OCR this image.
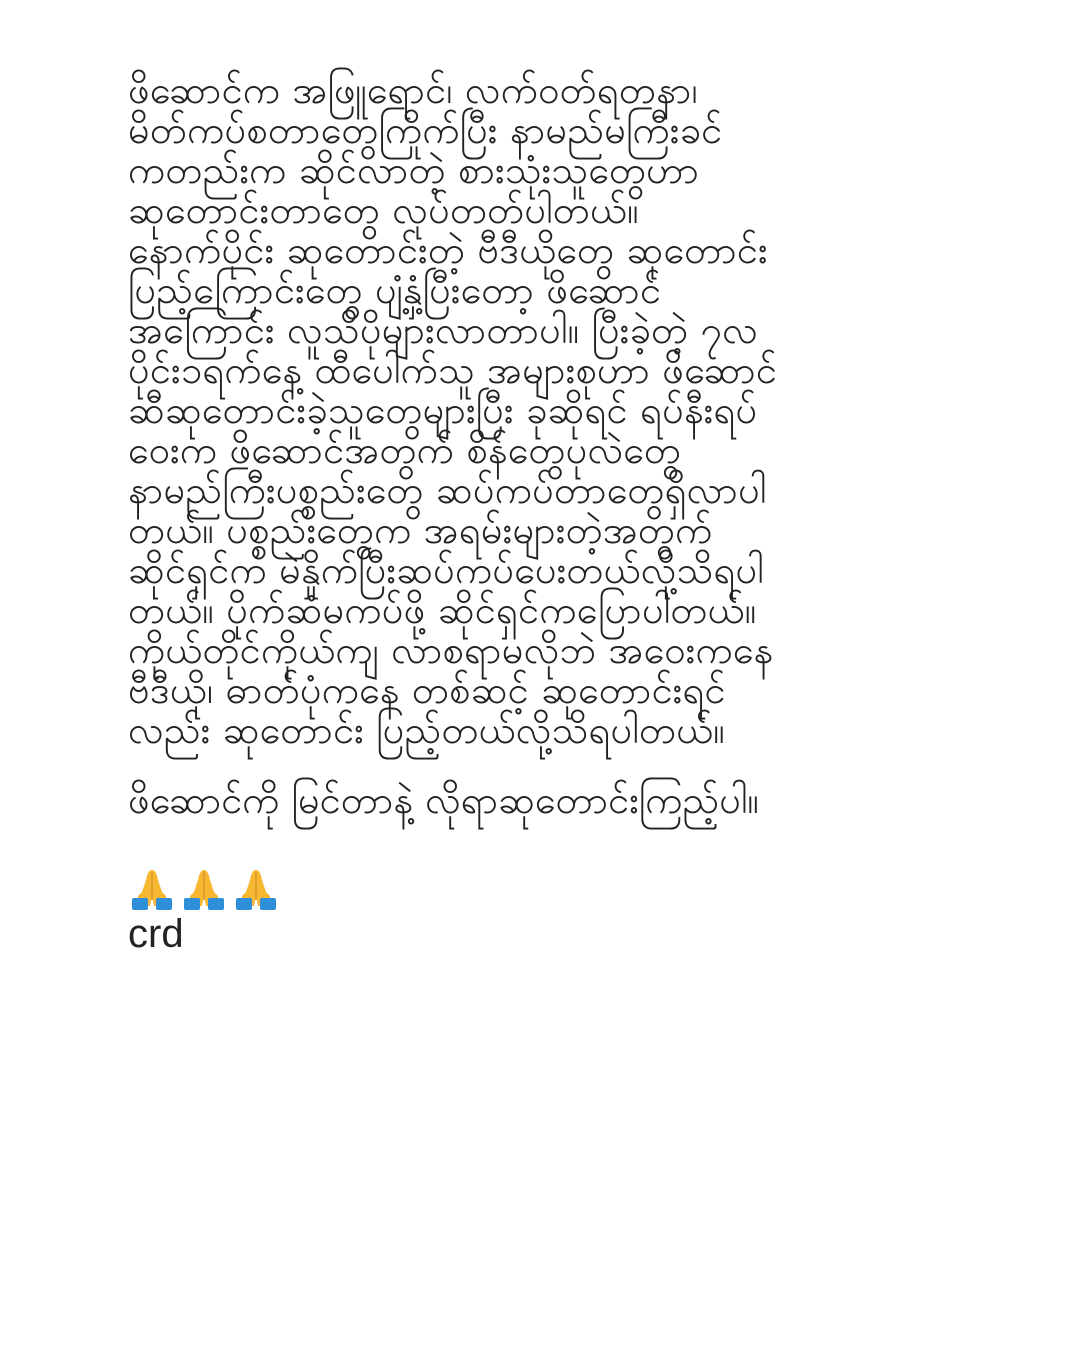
ဖိဆောင်က အဖြူရောင်၊ လက်ဝတ်ရတနာ၊
မိတ်ကပ်စတာတွေကြိုက်ပြီး နာမည်မကြီးခင်
ကတည်းက ဆိုင်လာတဲ့ စားသုံးသူတွေဟာ
ဆုတောင်းတာတွေ လုပ်တတ်ပါတယ်။
နောက်ပိုင်း ဆုတောင်းတဲ့ ဗီဒီယိုတွေ ဆုတောင်း
ပြည့်ကြောင်းတွေ ပျံ့နှံ့ပြီးတော့ ဖိဆောင်
အကြောင်း လူသိပိုများလာတာပါ။ ပြီးခဲ့တဲ့ ၇လ
ပိုင်း၁ရက်နေ့ ထီပေါက်သူ အများစုဟာ ဖိဆောင်
ဆီဆုတောင်းခဲ့သူတွေများပြီး ခုဆိုရင် ရပ်နီးရပ်
ဝေးက ဖိဆောင်အတွက် စိန်တွေပုလဲတွေ
နာမည်ကြီးပစ္စည်းတွေ ဆပ်ကပ်တာတွေရှိလာပါ
တယ်။ ပစ္စည်းတွေက အရမ်းများတဲ့အတွက်
ဆိုင်ရှင်က မဲနှိုက်ပြီးဆပ်ကပ်ပေးတယ်လို့သိရပါ
တယ်။ ပိုက်ဆံမကပ်ဖို့ ဆိုင်ရှင်ကပြောပါတယ်။
ကိုယ်တိုင်ကိုယ်ကျ လာစရာမလိုဘဲ အဝေးကနေ
ဗီဒီယို၊ ဓာတ်ပုံကနေ တစ်ဆင့် ဆုတောင်းရင်
လည်း ဆုတောင်း ပြည့်တယ်လို့သိရပါတယ်။
ဖိဆောင်ကို မြင်တာနဲ့ လိုရာဆုတောင်းကြည့်ပါ။
crd
